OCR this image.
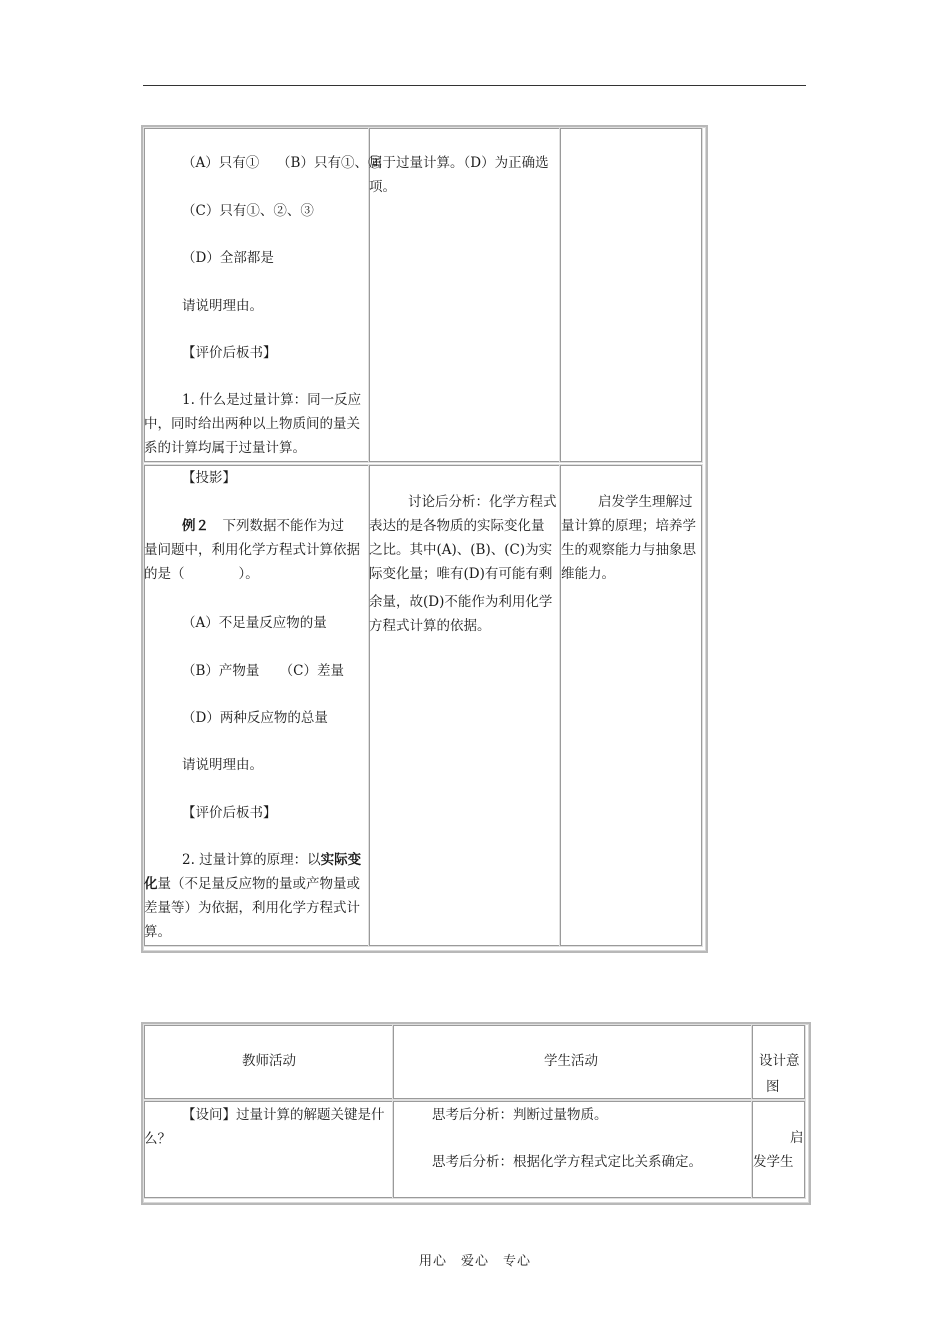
（A）只有①　 （B）只有①、②
（C）只有①、②、③
（D）全部都是
请说明理由。
【评价后板书】
1. 什么是过量计算：同一反应
中，同时给出两种以上物质间的量关
系的计算均属于过量计算。
属于过量计算。（D）为正确选
项。
【投影】
例２　下列数据不能作为过
量问题中，利用化学方程式计算依据
的是（　　　　）。
（A）不足量反应物的量
（B）产物量　　（C）差量
（D）两种反应物的总量
请说明理由。
【评价后板书】
2. 过量计算的原理：以实际变
化量（不足量反应物的量或产物量或
差量等）为依据，利用化学方程式计
算。
讨论后分析：化学方程式
表达的是各物质的实际变化量
之比。其中(A)、(B)、(C)为实
际变化量；唯有(D)有可能有剩
余量，故(D)不能作为利用化学
方程式计算的依据。
启发学生理解过
量计算的原理；培养学
生的观察能力与抽象思
维能力。
教师活动	学生活动	设计意
图
【设问】过量计算的解题关键是什
么？
思考后分析：判断过量物质。
思考后分析：根据化学方程式定比关系确定。
启
发学生
用心　爱心　专心
